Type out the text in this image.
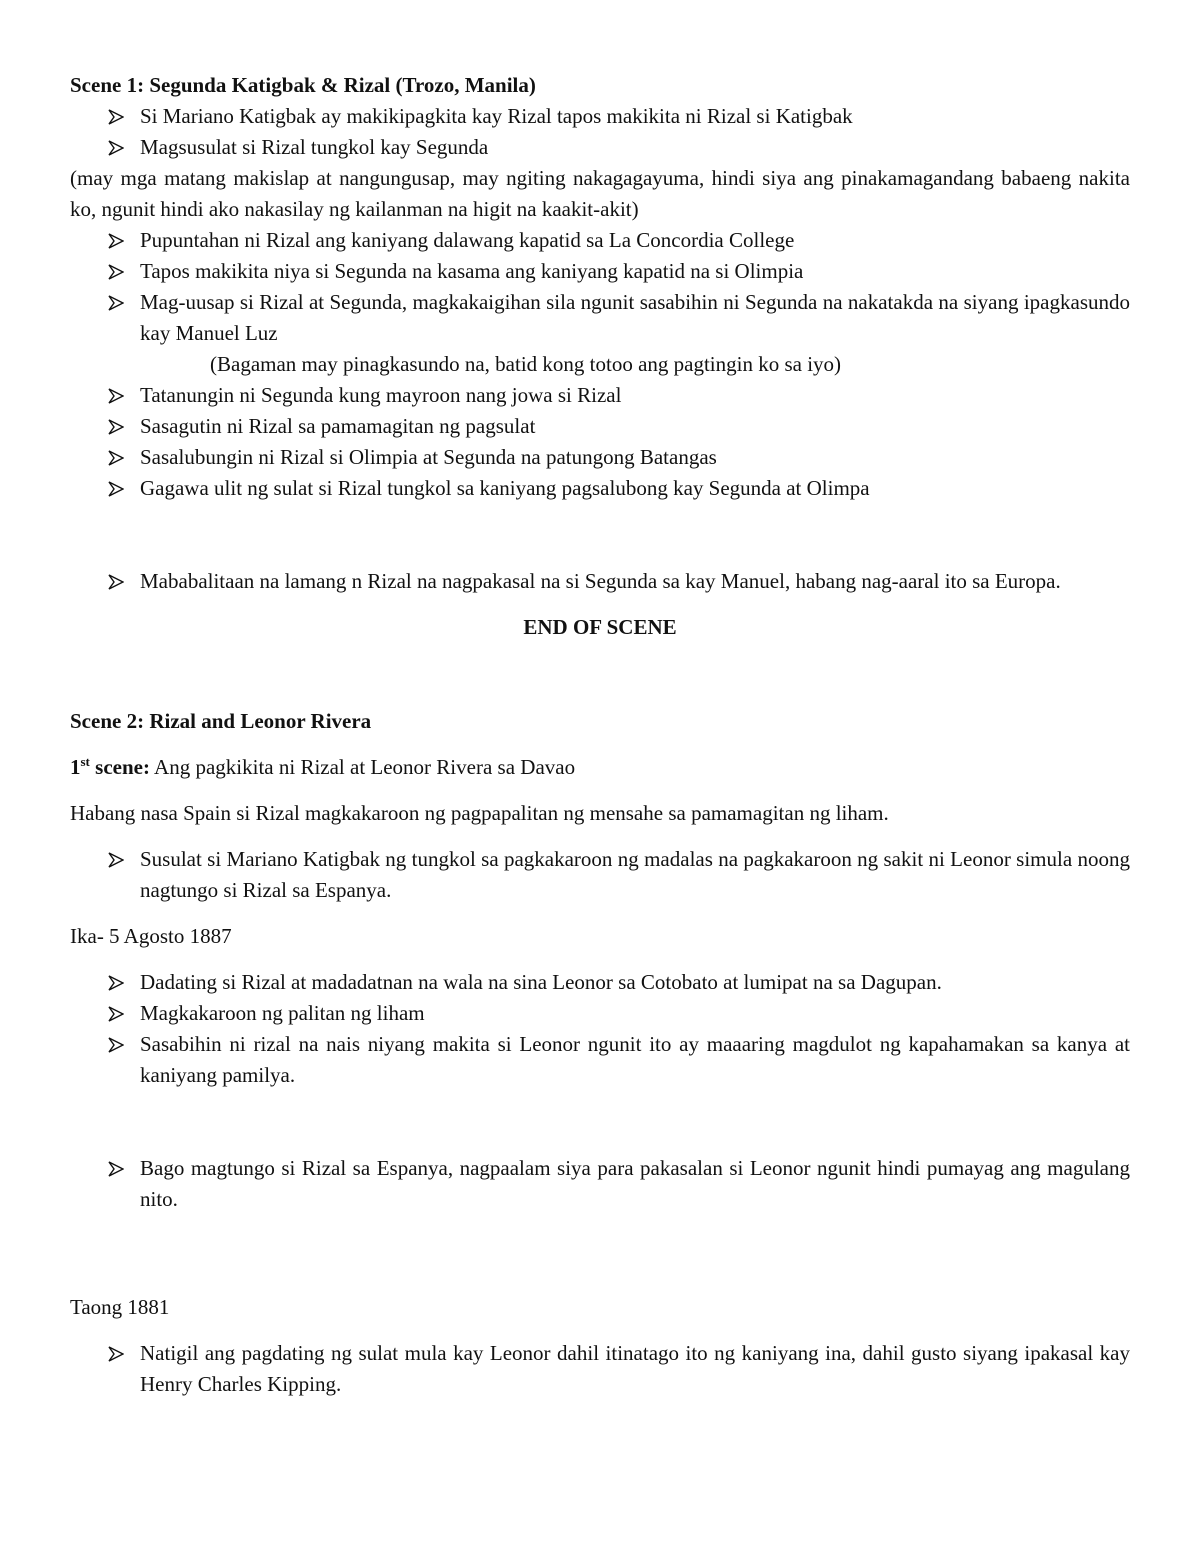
Scene 1: Segunda Katigbak & Rizal (Trozo, Manila)

Si Mariano Katigbak ay makikipagkita kay Rizal tapos makikita ni Rizal si Katigbak
Magsusulat si Rizal tungkol kay Segunda

(may mga matang makislap at nangungusap, may ngiting nakagagayuma, hindi siya ang pinakamagandang babaeng nakita ko, ngunit hindi ako nakasilay ng kailanman na higit na kaakit-akit)

Pupuntahan ni Rizal ang kaniyang dalawang kapatid sa La Concordia College
Tapos makikita niya si Segunda na kasama ang kaniyang kapatid na si Olimpia
Mag-uusap si Rizal at Segunda, magkakaigihan sila ngunit sasabihin ni Segunda na nakatakda na siyang ipagkasundo kay Manuel Luz

(Bagaman may pinagkasundo na, batid kong totoo ang pagtingin ko sa iyo)

Tatanungin ni Segunda kung mayroon nang jowa si Rizal
Sasagutin ni Rizal sa pamamagitan ng pagsulat
Sasalubungin ni Rizal si Olimpia at Segunda na patungong Batangas
Gagawa ulit ng sulat si Rizal tungkol sa kaniyang pagsalubong kay Segunda at Olimpa
Mababalitaan na lamang n Rizal na nagpakasal na si Segunda sa kay Manuel, habang nag-aaral ito sa Europa.

END OF SCENE

Scene 2: Rizal and Leonor Rivera

1st scene: Ang pagkikita ni Rizal at Leonor Rivera sa Davao

Habang nasa Spain si Rizal magkakaroon ng pagpapalitan ng mensahe sa pamamagitan ng liham.

Susulat si Mariano Katigbak ng tungkol sa pagkakaroon ng madalas na pagkakaroon ng sakit ni Leonor simula noong nagtungo si Rizal sa Espanya.

Ika- 5 Agosto 1887

Dadating si Rizal at madadatnan na wala na sina Leonor sa Cotobato at lumipat na sa Dagupan.
Magkakaroon ng palitan ng liham
Sasabihin ni rizal na nais niyang makita si Leonor ngunit ito ay maaaring magdulot ng kapahamakan sa kanya at kaniyang pamilya.
Bago magtungo si Rizal sa Espanya, nagpaalam siya para pakasalan si Leonor ngunit hindi pumayag ang magulang nito.

Taong 1881

Natigil ang pagdating ng sulat mula kay Leonor dahil itinatago ito ng kaniyang ina, dahil gusto siyang ipakasal kay Henry Charles Kipping.
